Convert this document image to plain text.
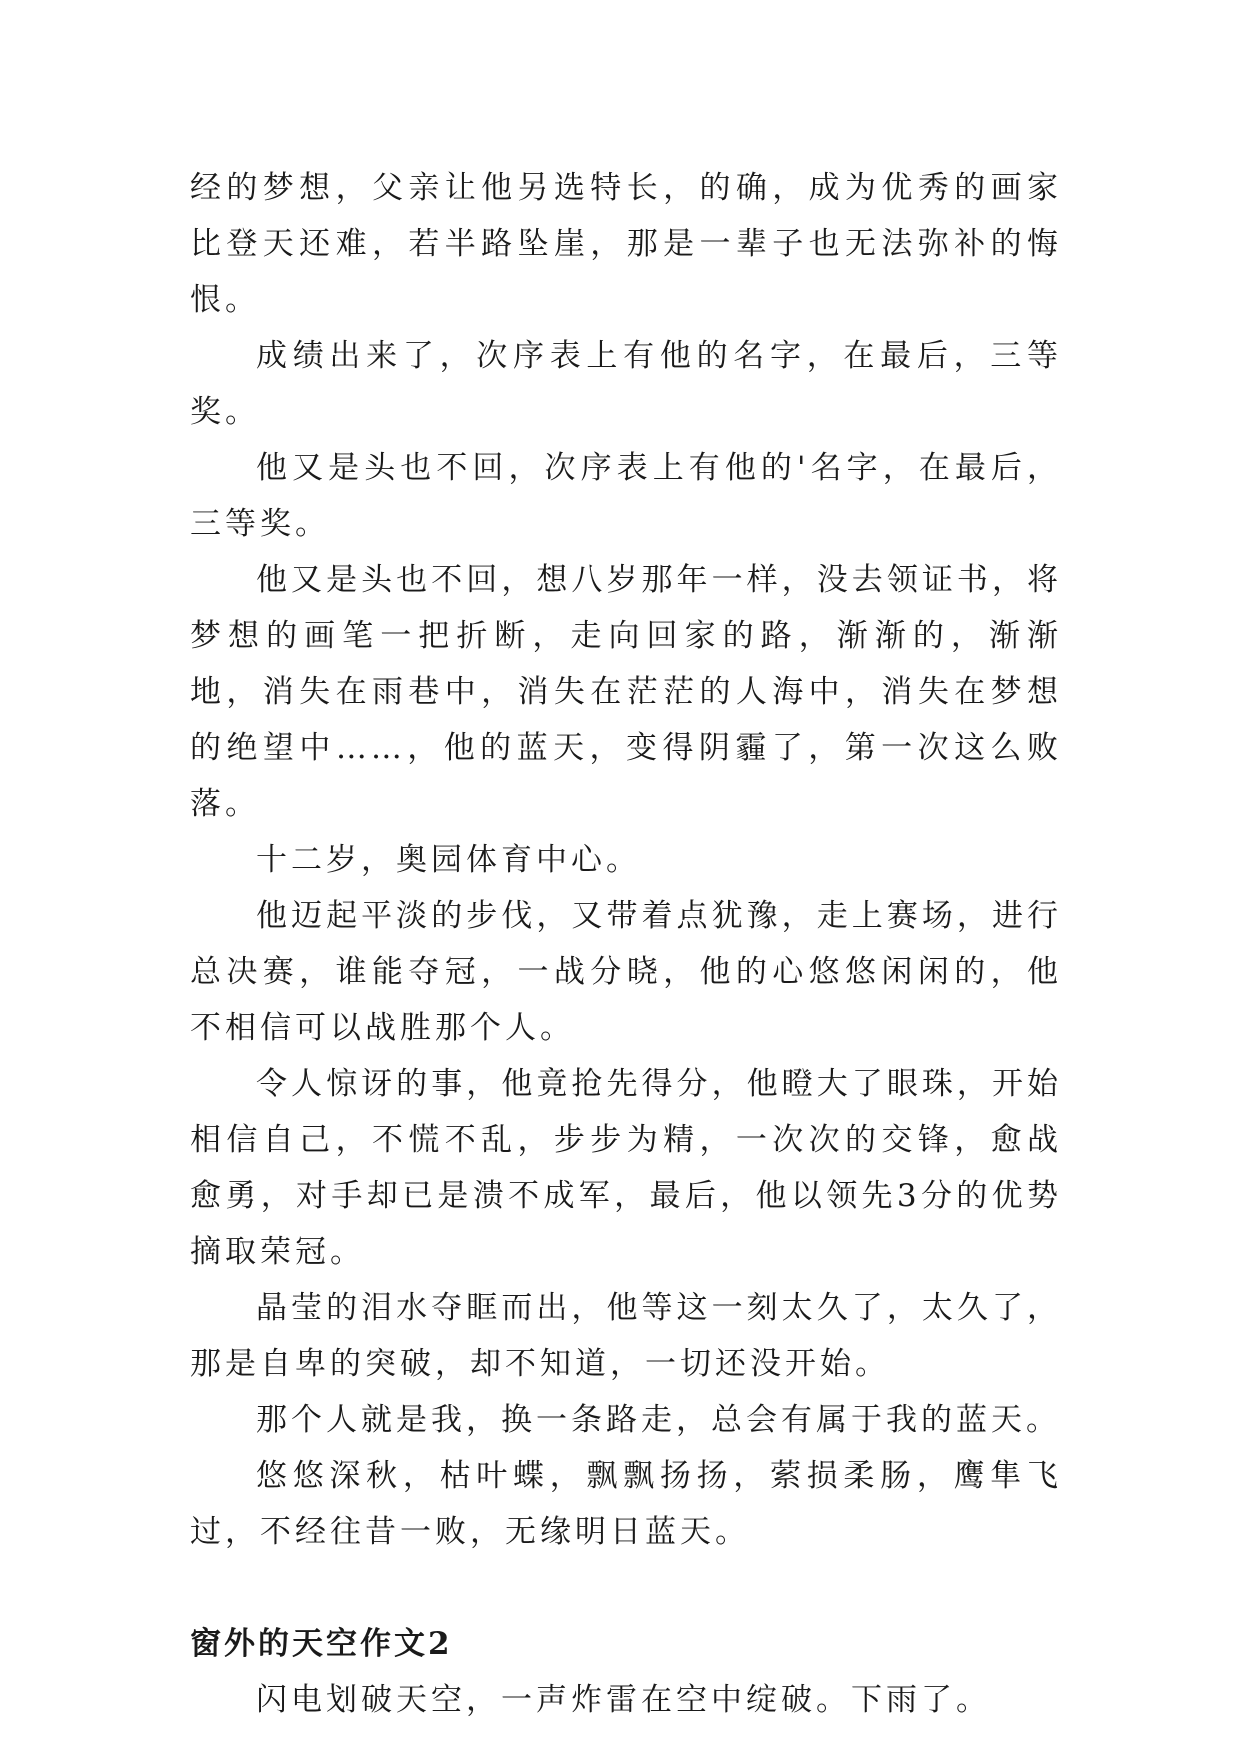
经的梦想，父亲让他另选特长，的确，成为优秀的画家比登天还难，若半路坠崖，那是一辈子也无法弥补的悔恨。

成绩出来了，次序表上有他的名字，在最后，三等奖。

他又是头也不回，次序表上有他的'名字，在最后，三等奖。

他又是头也不回，想八岁那年一样，没去领证书，将梦想的画笔一把折断，走向回家的路，渐渐的，渐渐地，消失在雨巷中，消失在茫茫的人海中，消失在梦想的绝望中……，他的蓝天，变得阴霾了，第一次这么败落。

十二岁，奥园体育中心。

他迈起平淡的步伐，又带着点犹豫，走上赛场，进行总决赛，谁能夺冠，一战分晓，他的心悠悠闲闲的，他不相信可以战胜那个人。

令人惊讶的事，他竟抢先得分，他瞪大了眼珠，开始相信自己，不慌不乱，步步为精，一次次的交锋，愈战愈勇，对手却已是溃不成军，最后，他以领先3分的优势摘取荣冠。

晶莹的泪水夺眶而出，他等这一刻太久了，太久了，那是自卑的突破，却不知道，一切还没开始。

那个人就是我，换一条路走，总会有属于我的蓝天。

悠悠深秋，枯叶蝶，飘飘扬扬，萦损柔肠，鹰隼飞过，不经往昔一败，无缘明日蓝天。

窗外的天空作文2

闪电划破天空，一声炸雷在空中绽破。下雨了。
